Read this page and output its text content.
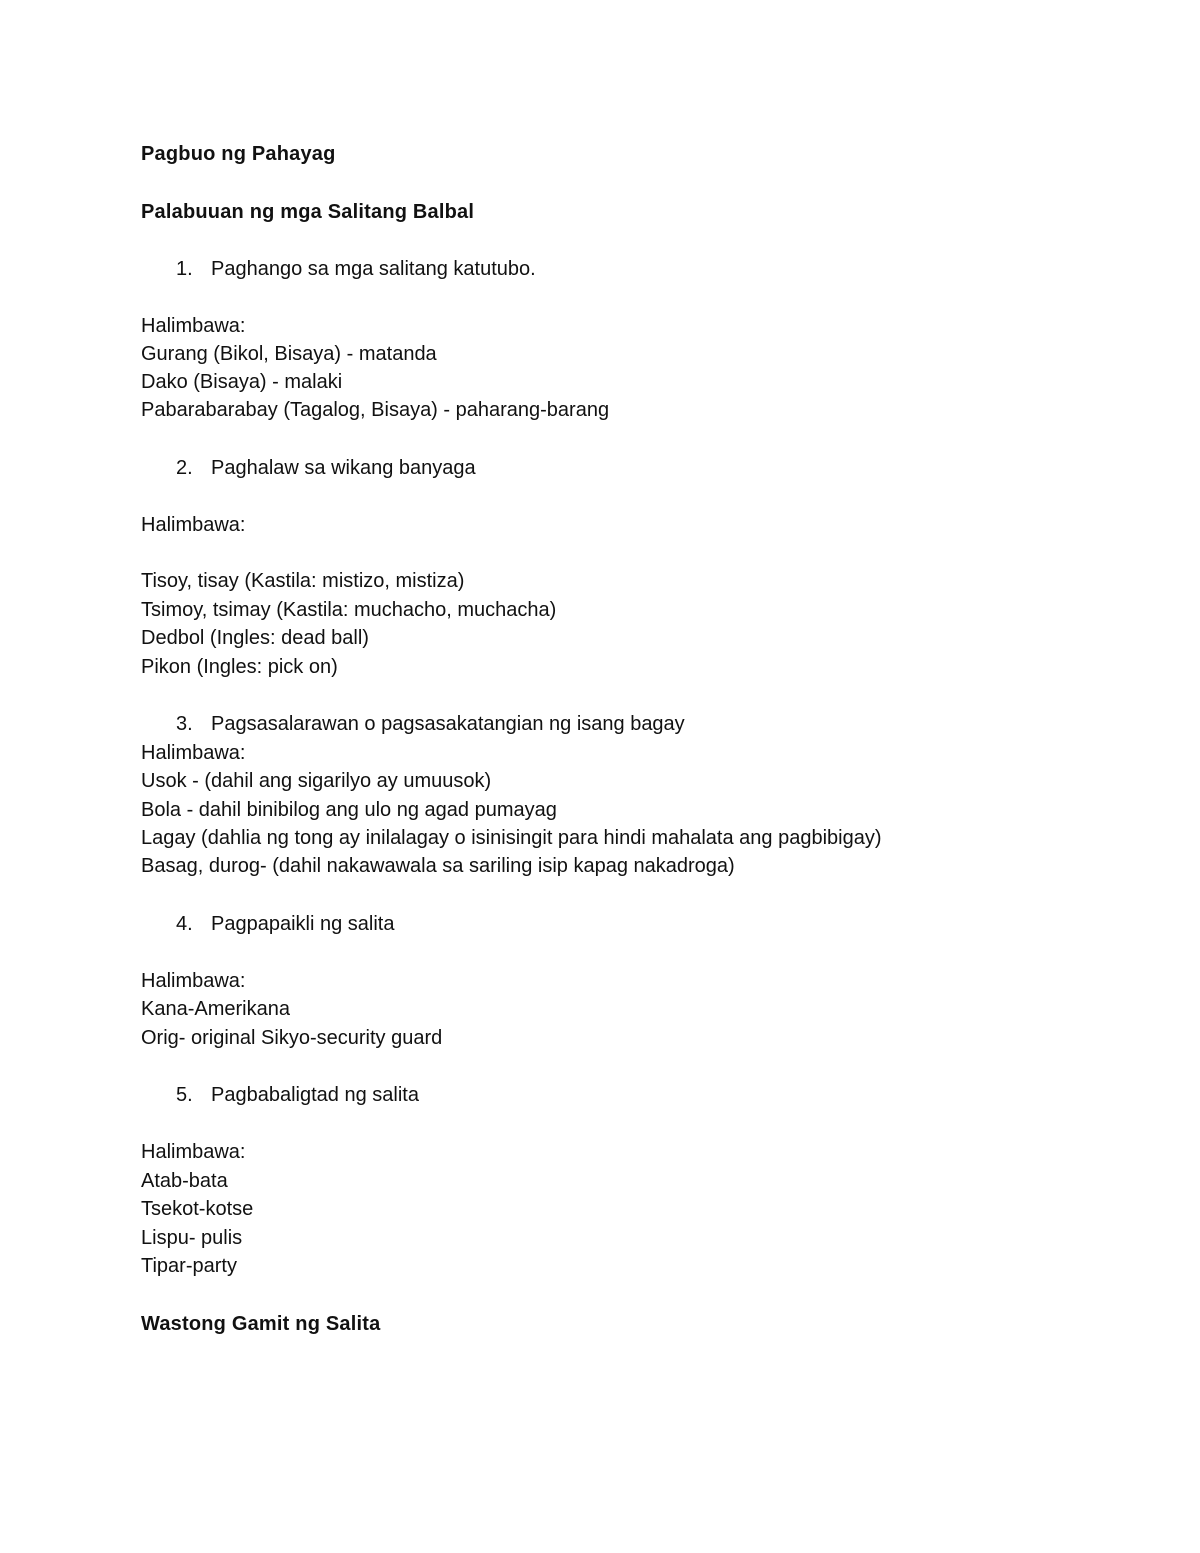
Pagbuo ng Pahayag

Palabuuan ng mga Salitang Balbal

1. Paghango sa mga salitang katutubo.

Halimbawa:

Gurang (Bikol, Bisaya) - matanda

Dako (Bisaya) - malaki

Pabarabarabay (Tagalog, Bisaya) - paharang-barang

2. Paghalaw sa wikang banyaga

Halimbawa:

Tisoy, tisay (Kastila: mistizo, mistiza)

Tsimoy, tsimay (Kastila: muchacho, muchacha)

Dedbol (Ingles: dead ball)

Pikon (Ingles: pick on)

3. Pagsasalarawan o pagsasakatangian ng isang bagay

Halimbawa:

Usok - (dahil ang sigarilyo ay umuusok)

Bola - dahil binibilog ang ulo ng agad pumayag

Lagay (dahlia ng tong ay inilalagay o isinisingit para hindi mahalata ang pagbibigay)

Basag, durog- (dahil nakawawala sa sariling isip kapag nakadroga)

4. Pagpapaikli ng salita

Halimbawa:

Kana-Amerikana

Orig- original Sikyo-security guard

5. Pagbabaligtad ng salita

Halimbawa:

Atab-bata

Tsekot-kotse

Lispu- pulis

Tipar-party

Wastong Gamit ng Salita
